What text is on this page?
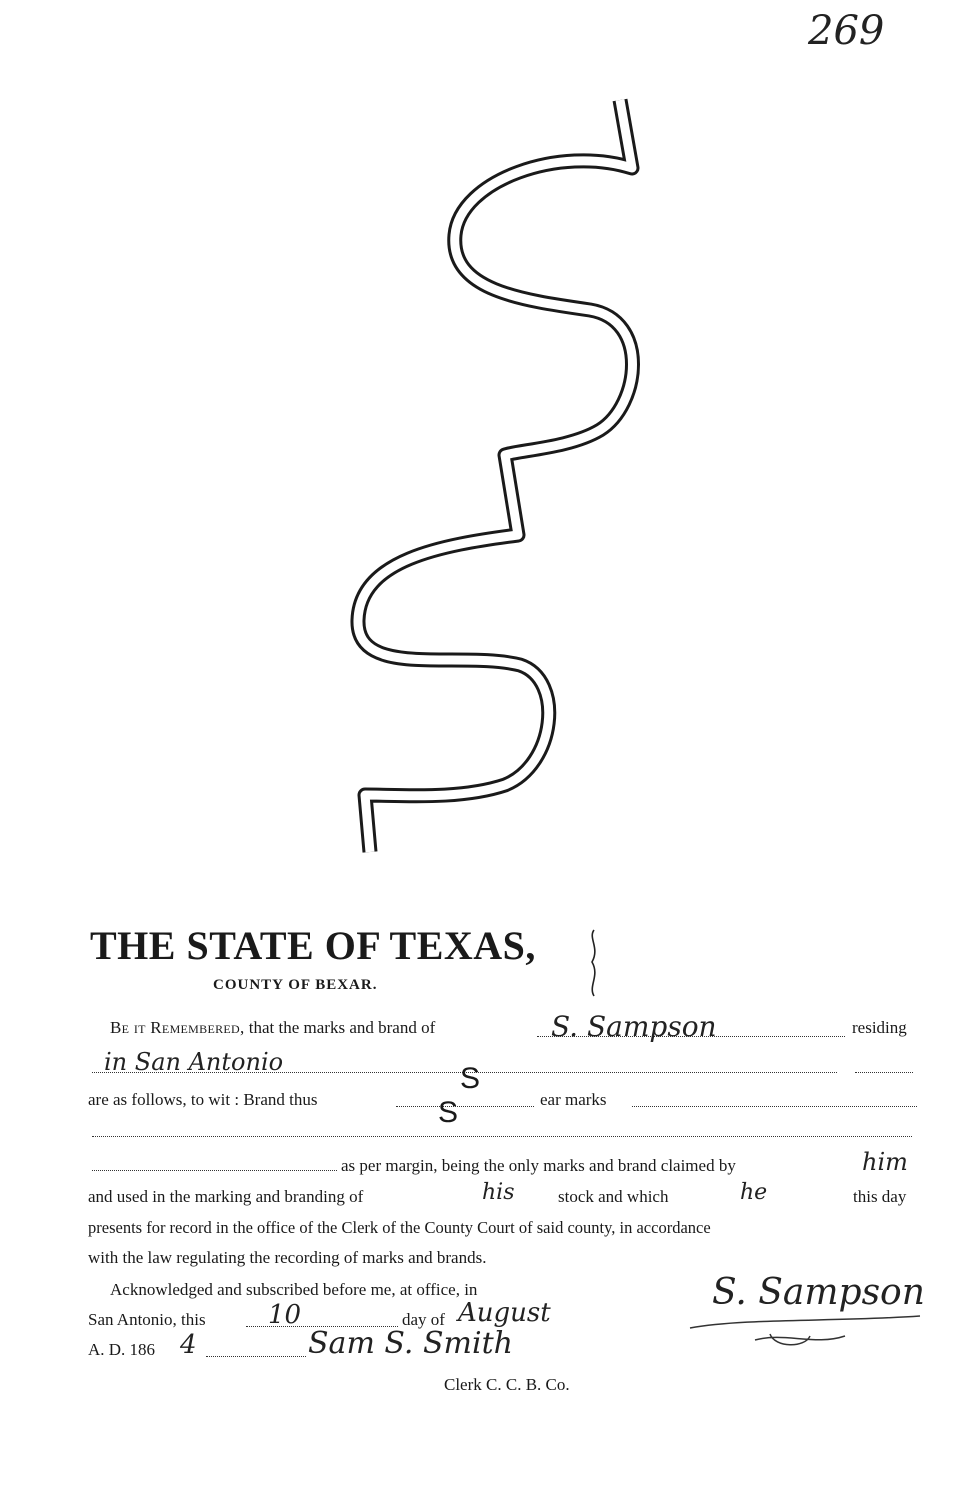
269
THE STATE OF TEXAS,
COUNTY OF BEXAR.
Be it Remembered, that the marks and brand of	S. Sampson	residing
in San Antonio
are as follows, to wit : Brand thus
S
S	ear marks
as per margin, being the only marks and brand claimed by	him
and used in the marking and branding of	his	stock and which	he	this day
presents for record in the office of the Clerk of the County Court of said county, in accordance
with the law regulating the recording of marks and brands.
Acknowledged and subscribed before me, at office, in
San Antonio, this 10	day of August
A. D. 186 4	Sam S. Smith
Clerk C. C. B. Co.
S. Sampson
